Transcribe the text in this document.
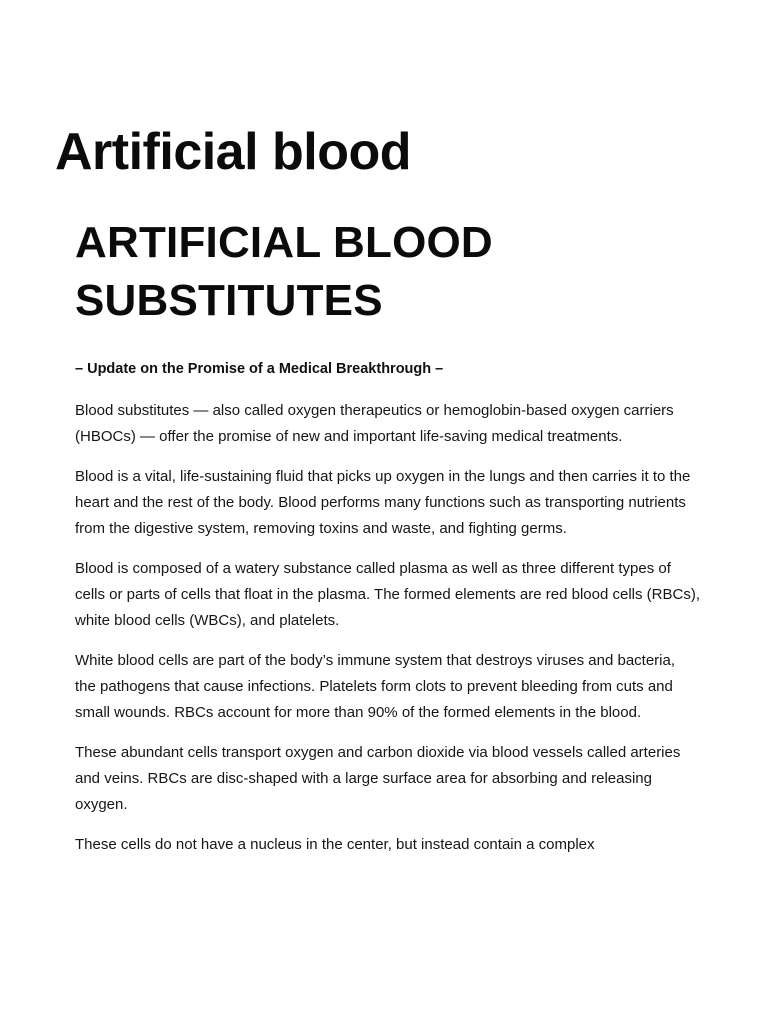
Artificial blood
ARTIFICIAL BLOOD
SUBSTITUTES

– Update on the Promise of a Medical Breakthrough –

Blood substitutes — also called oxygen therapeutics or hemoglobin-based oxygen carriers (HBOCs) — offer the promise of new and important life-saving medical treatments.

Blood is a vital, life-sustaining fluid that picks up oxygen in the lungs and then carries it to the heart and the rest of the body. Blood performs many functions such as transporting nutrients from the digestive system, removing toxins and waste, and fighting germs.

Blood is composed of a watery substance called plasma as well as three different types of cells or parts of cells that float in the plasma. The formed elements are red blood cells (RBCs), white blood cells (WBCs), and platelets.

White blood cells are part of the body’s immune system that destroys viruses and bacteria, the pathogens that cause infections. Platelets form clots to prevent bleeding from cuts and small wounds. RBCs account for more than 90% of the formed elements in the blood.

These abundant cells transport oxygen and carbon dioxide via blood vessels called arteries and veins. RBCs are disc-shaped with a large surface area for absorbing and releasing oxygen.

These cells do not have a nucleus in the center, but instead contain a complex
